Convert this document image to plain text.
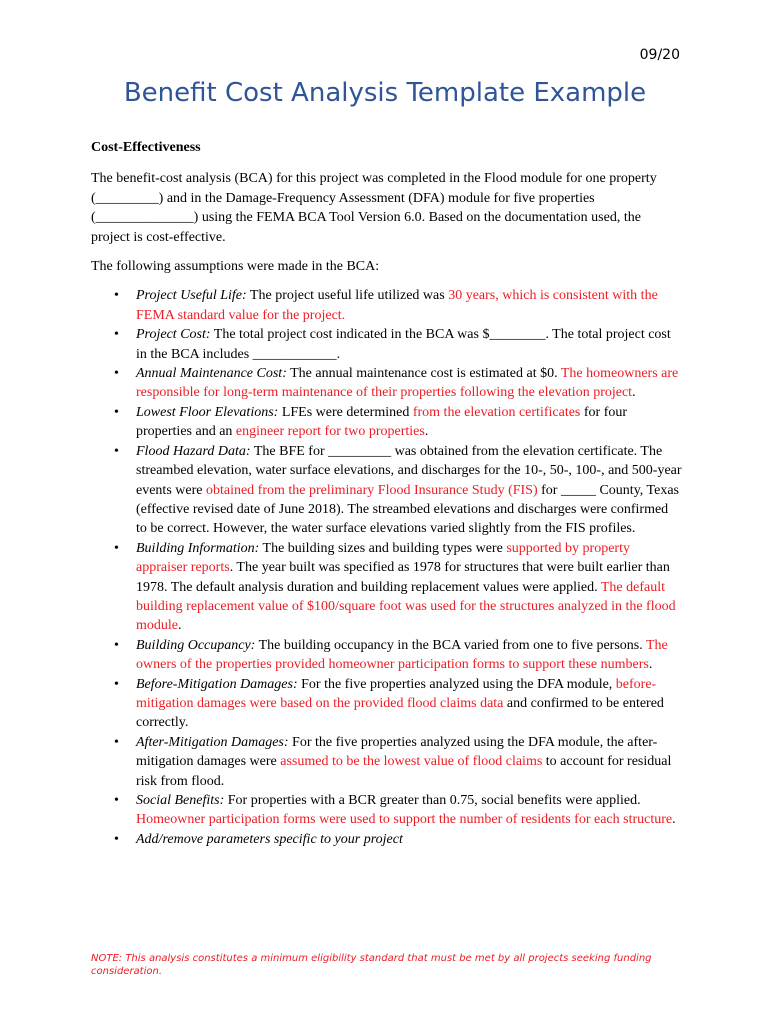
09/20
Benefit Cost Analysis Template Example
Cost-Effectiveness

The benefit-cost analysis (BCA) for this project was completed in the Flood module for one property (_________) and in the Damage-Frequency Assessment (DFA) module for five properties (______________) using the FEMA BCA Tool Version 6.0. Based on the documentation used, the project is cost-effective.

The following assumptions were made in the BCA:

• Project Useful Life: The project useful life utilized was 30 years, which is consistent with the FEMA standard value for the project.
• Project Cost: The total project cost indicated in the BCA was $________. The total project cost in the BCA includes ____________.
• Annual Maintenance Cost: The annual maintenance cost is estimated at $0. The homeowners are responsible for long-term maintenance of their properties following the elevation project.
• Lowest Floor Elevations: LFEs were determined from the elevation certificates for four properties and an engineer report for two properties.
• Flood Hazard Data: The BFE for _________ was obtained from the elevation certificate. The streambed elevation, water surface elevations, and discharges for the 10-, 50-, 100-, and 500-year events were obtained from the preliminary Flood Insurance Study (FIS) for _____ County, Texas (effective revised date of June 2018). The streambed elevations and discharges were confirmed to be correct. However, the water surface elevations varied slightly from the FIS profiles.
• Building Information: The building sizes and building types were supported by property appraiser reports. The year built was specified as 1978 for structures that were built earlier than 1978. The default analysis duration and building replacement values were applied. The default building replacement value of $100/square foot was used for the structures analyzed in the flood module.
• Building Occupancy: The building occupancy in the BCA varied from one to five persons. The owners of the properties provided homeowner participation forms to support these numbers.
• Before-Mitigation Damages: For the five properties analyzed using the DFA module, before-mitigation damages were based on the provided flood claims data and confirmed to be entered correctly.
• After-Mitigation Damages: For the five properties analyzed using the DFA module, the after-mitigation damages were assumed to be the lowest value of flood claims to account for residual risk from flood.
• Social Benefits: For properties with a BCR greater than 0.75, social benefits were applied. Homeowner participation forms were used to support the number of residents for each structure.
• Add/remove parameters specific to your project
NOTE: This analysis constitutes a minimum eligibility standard that must be met by all projects seeking funding consideration.
